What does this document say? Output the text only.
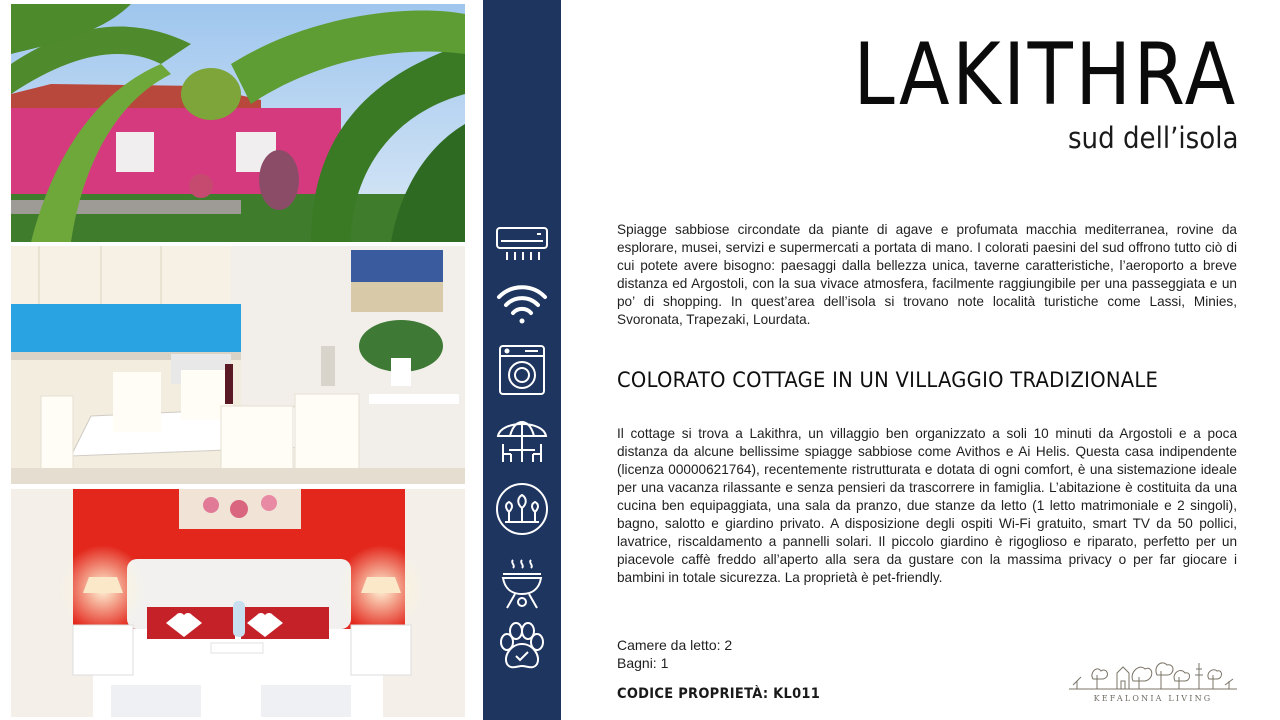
LAKITHRA
sud dell’isola

Spiagge sabbiose circondate da piante di agave e profumata macchia mediterranea, rovine da esplorare, musei, servizi e supermercati a portata di mano. I colorati paesini del sud offrono tutto ciò di cui potete avere bisogno: paesaggi dalla bellezza unica, taverne caratteristiche, l’aeroporto a breve distanza ed Argostoli, con la sua vivace atmosfera, facilmente raggiungibile per una passeggiata e un po’ di shopping. In quest’area dell’isola si trovano note località turistiche come Lassi, Minies, Svoronata, Trapezaki, Lourdata.

COLORATO COTTAGE IN UN VILLAGGIO TRADIZIONALE

Il cottage si trova a Lakithra, un villaggio ben organizzato a soli 10 minuti da Argostoli e a poca distanza da alcune bellissime spiagge sabbiose come Avithos e Ai Helis. Questa casa indipendente (licenza 00000621764), recentemente ristrutturata e dotata di ogni comfort, è una sistemazione ideale per una vacanza rilassante e senza pensieri da trascorrere in famiglia. L’abitazione è costituita da una cucina ben equipaggiata, una sala da pranzo, due stanze da letto (1 letto matrimoniale e 2 singoli), bagno, salotto e giardino privato. A disposizione degli ospiti Wi-Fi gratuito, smart TV da 50 pollici, lavatrice, riscaldamento a pannelli solari. Il piccolo giardino è rigoglioso e riparato, perfetto per un piacevole caffè freddo all’aperto alla sera da gustare con la massima privacy o per far giocare i bambini in totale sicurezza. La proprietà è pet-friendly.

Camere da letto: 2
Bagni: 1
CODICE PROPRIETÀ: KL011	KEFALONIA LIVING
